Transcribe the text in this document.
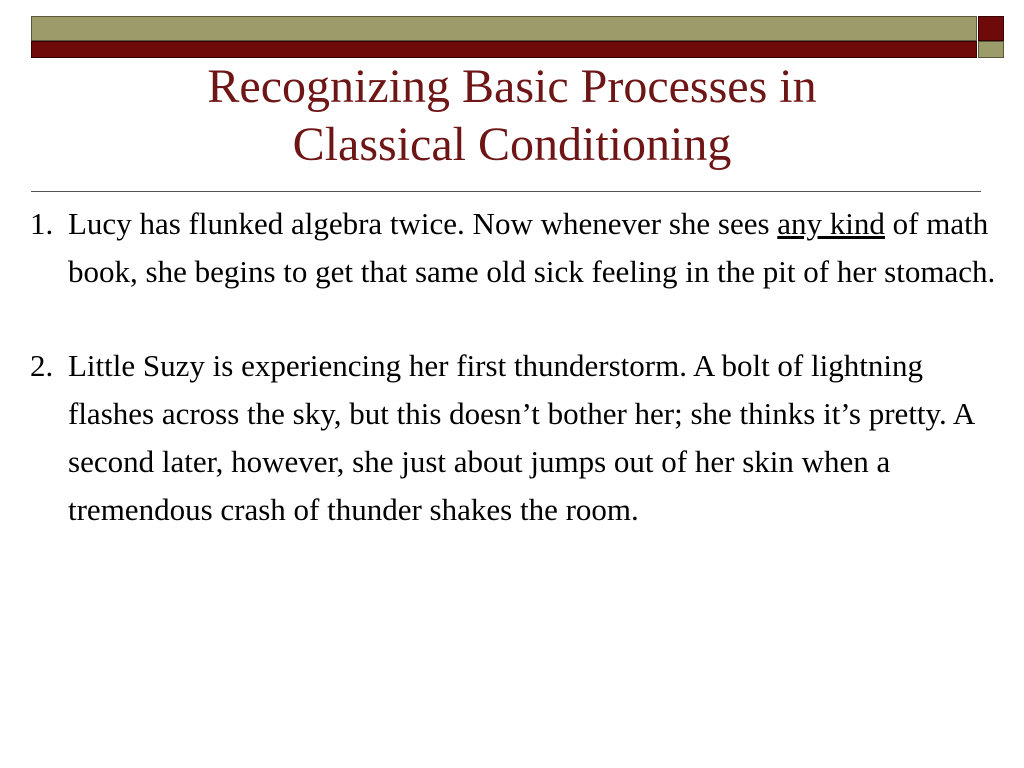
Recognizing Basic Processes in
Classical Conditioning
1. Lucy has flunked algebra twice. Now whenever she sees any kind of math book, she begins to get that same old sick feeling in the pit of her stomach.
2. Little Suzy is experiencing her first thunderstorm. A bolt of lightning flashes across the sky, but this doesn’t bother her; she thinks it’s pretty. A second later, however, she just about jumps out of her skin when a tremendous crash of thunder shakes the room.
